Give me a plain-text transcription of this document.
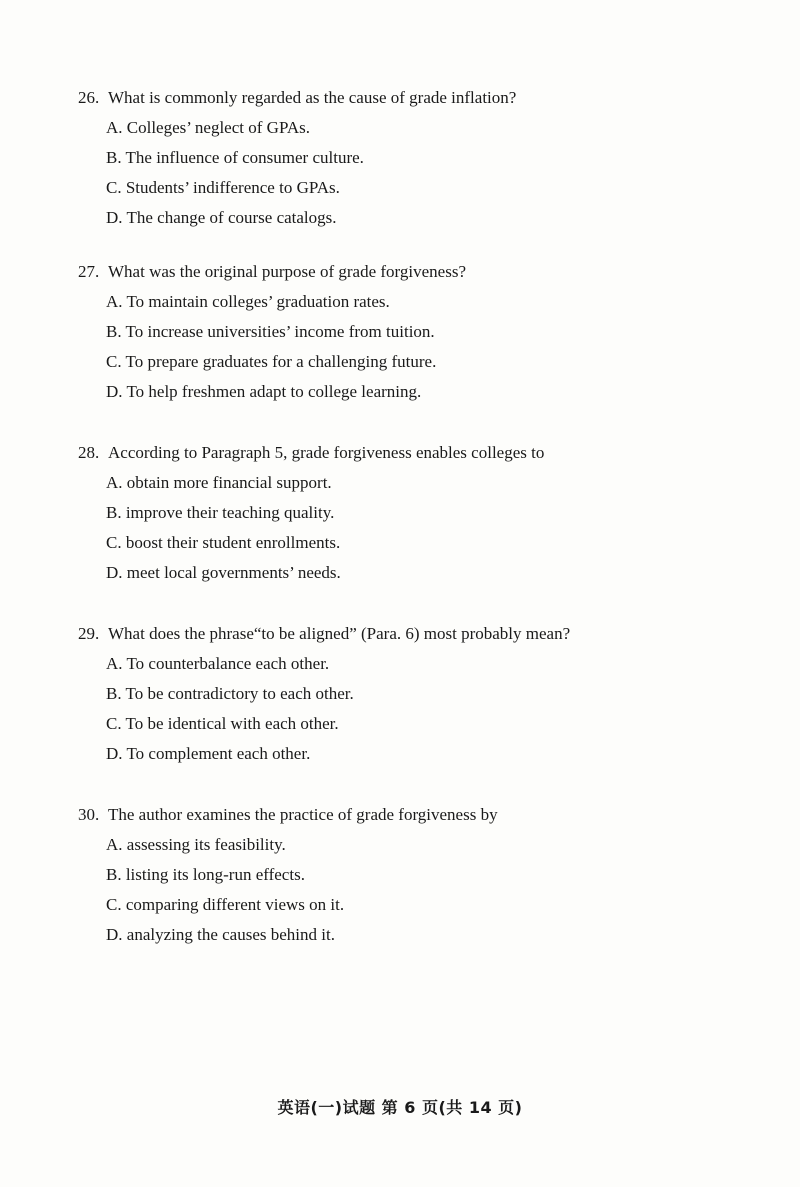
26. What is commonly regarded as the cause of grade inflation?
A. Colleges’ neglect of GPAs.
B. The influence of consumer culture.
C. Students’ indifference to GPAs.
D. The change of course catalogs.
27. What was the original purpose of grade forgiveness?
A. To maintain colleges’ graduation rates.
B. To increase universities’ income from tuition.
C. To prepare graduates for a challenging future.
D. To help freshmen adapt to college learning.
28. According to Paragraph 5, grade forgiveness enables colleges to
A. obtain more financial support.
B. improve their teaching quality.
C. boost their student enrollments.
D. meet local governments’ needs.
29. What does the phrase“to be aligned” (Para. 6) most probably mean?
A. To counterbalance each other.
B. To be contradictory to each other.
C. To be identical with each other.
D. To complement each other.
30. The author examines the practice of grade forgiveness by
A. assessing its feasibility.
B. listing its long-run effects.
C. comparing different views on it.
D. analyzing the causes behind it.
英语(一)试题 第 6 页(共 14 页)
